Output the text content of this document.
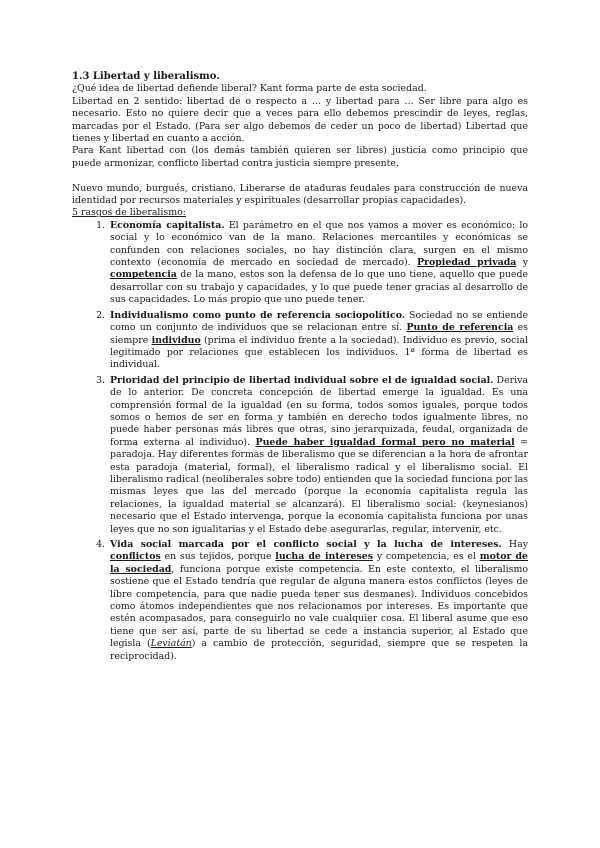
1.3 Libertad y liberalismo.

¿Qué idea de libertad defiende liberal? Kant forma parte de esta sociedad.

Libertad en 2 sentido: libertad de o respecto a … y libertad para … Ser libre para algo es necesario. Esto no quiere decir que a veces para ello debemos prescindir de leyes, reglas, marcadas por el Estado. (Para ser algo debemos de ceder un poco de libertad) Libertad que tienes y libertad en cuanto a acción.

Para Kant libertad con (los demás también quieren ser libres) justicia como principio que puede armonizar, conflicto libertad contra justicia siempre presente.

Nuevo mundo, burgués, cristiano. Liberarse de ataduras feudales para construcción de nueva identidad por recursos materiales y espirituales (desarrollar propias capacidades).

5 rasgos de liberalismo:

1. Economía capitalista. El parámetro en el que nos vamos a mover es económico: lo social y lo económico van de la mano. Relaciones mercantiles y económicas se confunden con relaciones sociales, no hay distinción clara, surgen en el mismo contexto (economía de mercado en sociedad de mercado). Propiedad privada y competencia de la mano, estos son la defensa de lo que uno tiene, aquello que puede desarrollar con su trabajo y capacidades, y lo que puede tener gracias al desarrollo de sus capacidades. Lo más propio que uno puede tener.
2. Individualismo como punto de referencia sociopolítico. Sociedad no se entiende como un conjunto de individuos que se relacionan entre sí. Punto de referencia es siempre individuo (prima el individuo frente a la sociedad). Individuo es previo, social legitimado por relaciones que establecen los individuos. 1ª forma de libertad es individual.
3. Prioridad del principio de libertad individual sobre el de igualdad social. Deriva de lo anterior. De concreta concepción de libertad emerge la igualdad. Es una comprensión formal de la igualdad (en su forma, todos somos iguales, porque todos somos o hemos de ser en forma y también en derecho todos igualmente libres, no puede haber personas más libres que otras, sino jerarquizada, feudal, organizada de forma externa al individuo). Puede haber igualdad formal pero no material = paradoja. Hay diferentes formas de liberalismo que se diferencian a la hora de afrontar esta paradoja (material, formal), el liberalismo radical y el liberalismo social. El liberalismo radical (neoliberales sobre todo) entienden que la sociedad funciona por las mismas leyes que las del mercado (porque la economía capitalista regula las relaciones, la igualdad material se alcanzará). El liberalismo social: (keynesianos) necesario que el Estado intervenga, porque la economía capitalista funciona por unas leyes que no son igualitarias y el Estado debe asegurarlas, regular, intervenir, etc.
4. Vida social marcada por el conflicto social y la lucha de intereses. Hay conflictos en sus tejidos, porque lucha de intereses y competencia, es el motor de la sociedad, funciona porque existe competencia. En este contexto, el liberalismo sostiene que el Estado tendría que regular de alguna manera estos conflictos (leyes de libre competencia, para que nadie pueda tener sus desmanes). Individuos concebidos como átomos independientes que nos relacionamos por intereses. Es importante que estén acompasados, para conseguirlo no vale cualquier cosa. El liberal asume que eso tiene que ser así, parte de su libertad se cede a instancia superior, al Estado que legisla (Leviatán) a cambio de protección, seguridad, siempre que se respeten la reciprocidad).
